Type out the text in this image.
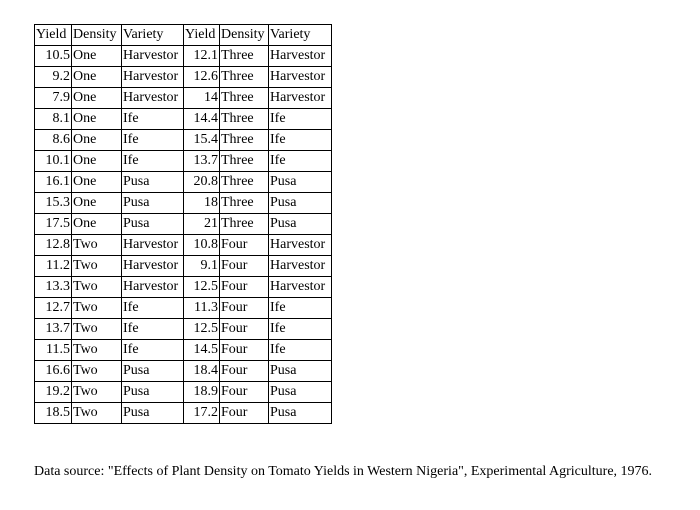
Yield	Density	Variety	Yield	Density	Variety
10.5	One	Harvestor	12.1	Three	Harvestor
9.2	One	Harvestor	12.6	Three	Harvestor
7.9	One	Harvestor	14	Three	Harvestor
8.1	One	Ife	14.4	Three	Ife
8.6	One	Ife	15.4	Three	Ife
10.1	One	Ife	13.7	Three	Ife
16.1	One	Pusa	20.8	Three	Pusa
15.3	One	Pusa	18	Three	Pusa
17.5	One	Pusa	21	Three	Pusa
12.8	Two	Harvestor	10.8	Four	Harvestor
11.2	Two	Harvestor	9.1	Four	Harvestor
13.3	Two	Harvestor	12.5	Four	Harvestor
12.7	Two	Ife	11.3	Four	Ife
13.7	Two	Ife	12.5	Four	Ife
11.5	Two	Ife	14.5	Four	Ife
16.6	Two	Pusa	18.4	Four	Pusa
19.2	Two	Pusa	18.9	Four	Pusa
18.5	Two	Pusa	17.2	Four	Pusa
Data source: "Effects of Plant Density on Tomato Yields in Western Nigeria", Experimental Agriculture, 1976.
